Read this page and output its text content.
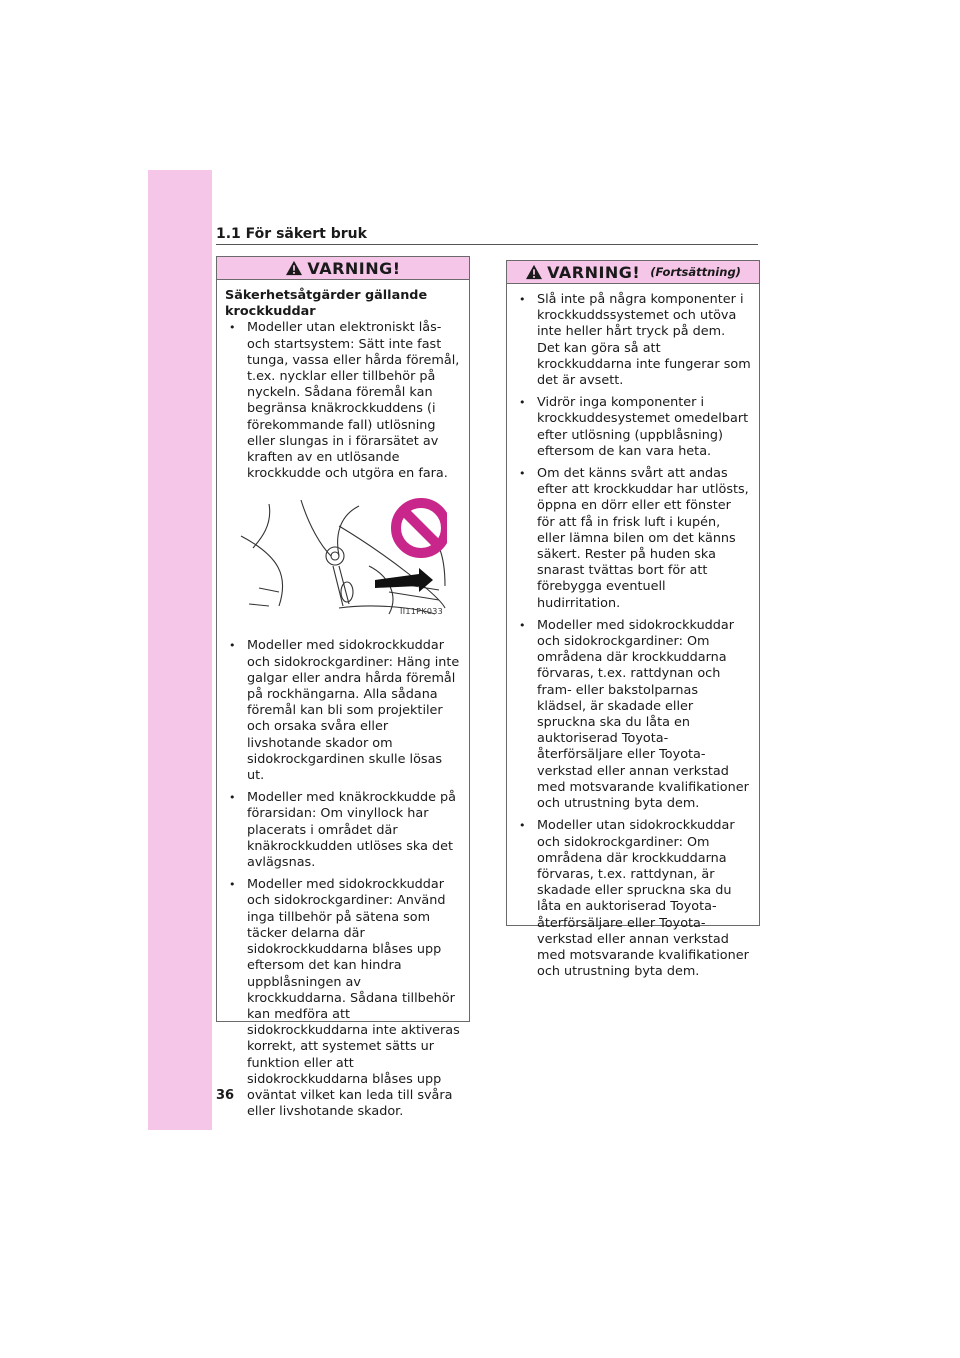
1.1 För säkert bruk
VARNING!
Säkerhetsåtgärder gällande krockkuddar
• Modeller utan elektroniskt lås- och startsystem: Sätt inte fast tunga, vassa eller hårda föremål, t.ex. nycklar eller tillbehör på nyckeln. Sådana föremål kan begränsa knäkrockkuddens (i förekommande fall) utlösning eller slungas in i förarsätet av kraften av en utlösande krockkudde och utgöra en fara.
II11PK033
• Modeller med sidokrockkuddar och sidokrockgardiner: Häng inte galgar eller andra hårda föremål på rockhängarna. Alla sådana föremål kan bli som projektiler och orsaka svåra eller livshotande skador om sidokrockgardinen skulle lösas ut.
• Modeller med knäkrockkudde på förarsidan: Om vinyllock har placerats i området där knäkrockkudden utlöses ska det avlägsnas.
• Modeller med sidokrockkuddar och sidokrockgardiner: Använd inga tillbehör på sätena som täcker delarna där sidokrockkuddarna blåses upp eftersom det kan hindra uppblåsningen av krockkuddarna. Sådana tillbehör kan medföra att sidokrockkuddarna inte aktiveras korrekt, att systemet sätts ur funktion eller att sidokrockkuddarna blåses upp oväntat vilket kan leda till svåra eller livshotande skador.
VARNING! (Fortsättning)
• Slå inte på några komponenter i krockkuddssystemet och utöva inte heller hårt tryck på dem. Det kan göra så att krockkuddarna inte fungerar som det är avsett.
• Vidrör inga komponenter i krockkuddesystemet omedelbart efter utlösning (uppblåsning) eftersom de kan vara heta.
• Om det känns svårt att andas efter att krockkuddar har utlösts, öppna en dörr eller ett fönster för att få in frisk luft i kupén, eller lämna bilen om det känns säkert. Rester på huden ska snarast tvättas bort för att förebygga eventuell hudirritation.
• Modeller med sidokrockkuddar och sidokrockgardiner: Om områdena där krockkuddarna förvaras, t.ex. rattdynan och fram- eller bakstolparnas klädsel, är skadade eller spruckna ska du låta en auktoriserad Toyota-återförsäljare eller Toyota-verkstad eller annan verkstad med motsvarande kvalifikationer och utrustning byta dem.
• Modeller utan sidokrockkuddar och sidokrockgardiner: Om områdena där krockkuddarna förvaras, t.ex. rattdynan, är skadade eller spruckna ska du låta en auktoriserad Toyota-återförsäljare eller Toyota-verkstad eller annan verkstad med motsvarande kvalifikationer och utrustning byta dem.
36
